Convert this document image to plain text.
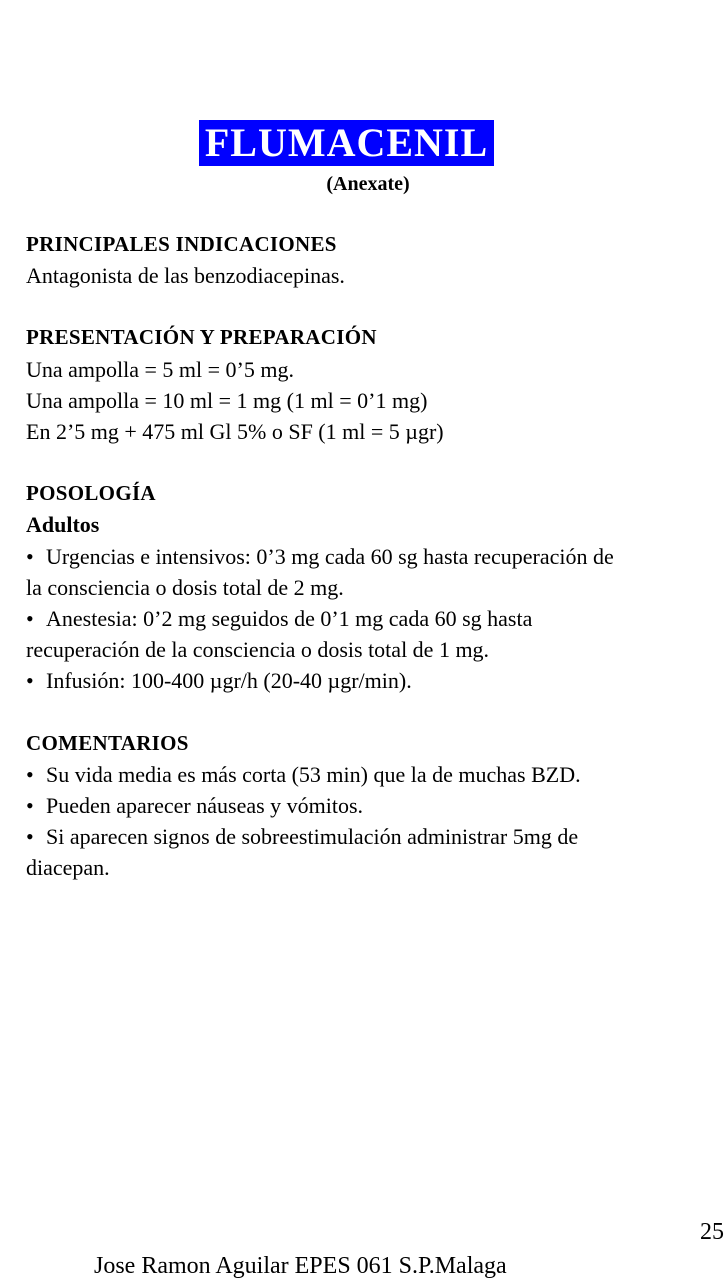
FLUMACENIL
(Anexate)

PRINCIPALES INDICACIONES

Antagonista de las benzodiacepinas.

PRESENTACIÓN Y PREPARACIÓN

Una ampolla = 5 ml = 0’5 mg.

Una ampolla = 10 ml = 1 mg (1 ml = 0’1 mg)

En 2’5 mg + 475 ml Gl 5% o SF (1 ml = 5 µgr)

POSOLOGÍA

Adultos

• Urgencias e intensivos: 0’3 mg cada 60 sg hasta recuperación de

la consciencia o dosis total de 2 mg.

• Anestesia: 0’2 mg seguidos de 0’1 mg cada 60 sg hasta

recuperación de la consciencia o dosis total de 1 mg.

• Infusión: 100-400 µgr/h (20-40 µgr/min).

COMENTARIOS

• Su vida media es más corta (53 min) que la de muchas BZD.

• Pueden aparecer náuseas y vómitos.

• Si aparecen signos de sobreestimulación administrar 5mg de

diacepan.

25
Jose Ramon Aguilar EPES 061 S.P.Malaga
